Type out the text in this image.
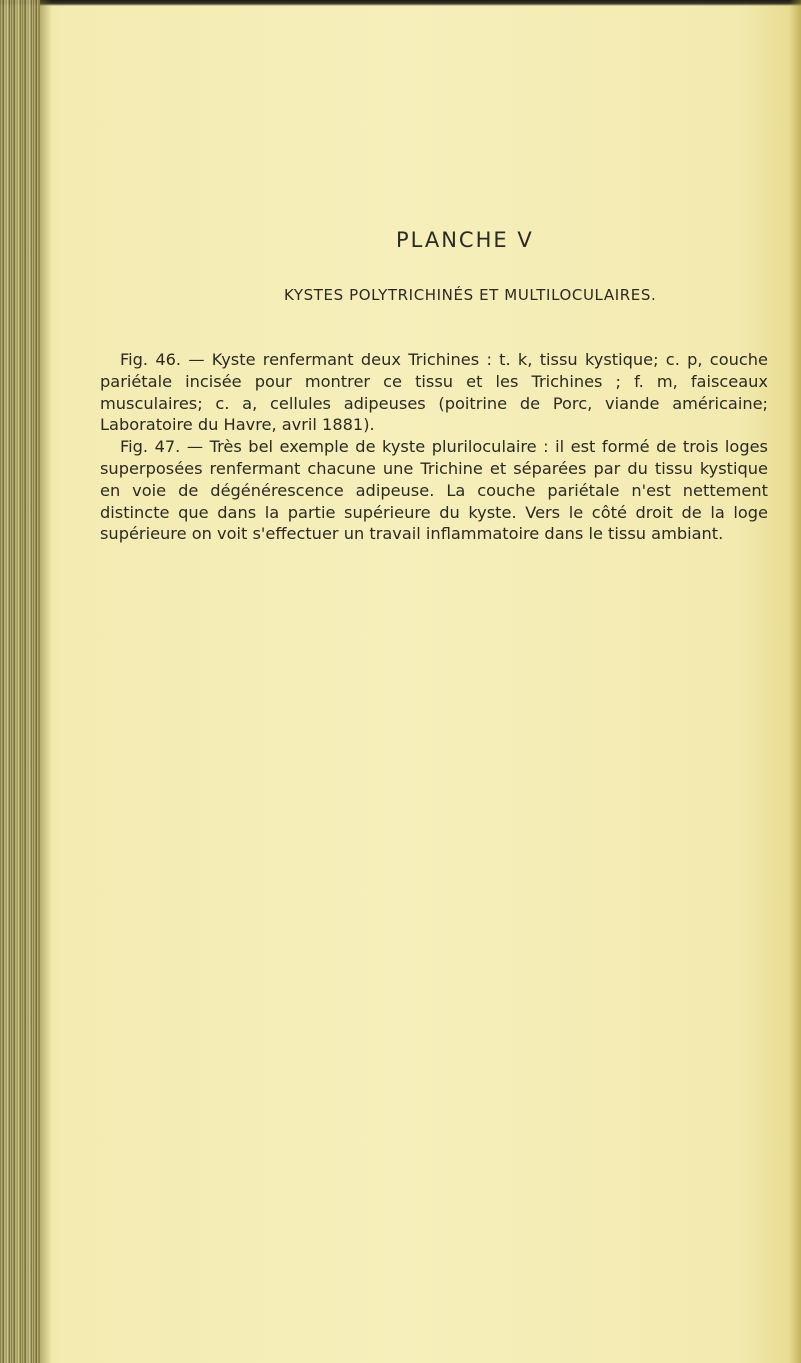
PLANCHE V
KYSTES POLYTRICHINÉS ET MULTILOCULAIRES.

Fig. 46. — Kyste renfermant deux Trichines : t. k, tissu kystique; c. p, couche pariétale incisée pour montrer ce tissu et les Trichines ; f. m, faisceaux musculaires; c. a, cellules adipeuses (poitrine de Porc, viande américaine; Laboratoire du Havre, avril 1881).

Fig. 47. — Très bel exemple de kyste pluriloculaire : il est formé de trois loges superposées renfermant chacune une Trichine et séparées par du tissu kystique en voie de dégénérescence adipeuse. La couche pariétale n'est nettement distincte que dans la partie supérieure du kyste. Vers le côté droit de la loge supérieure on voit s'effectuer un travail inflammatoire dans le tissu ambiant.
